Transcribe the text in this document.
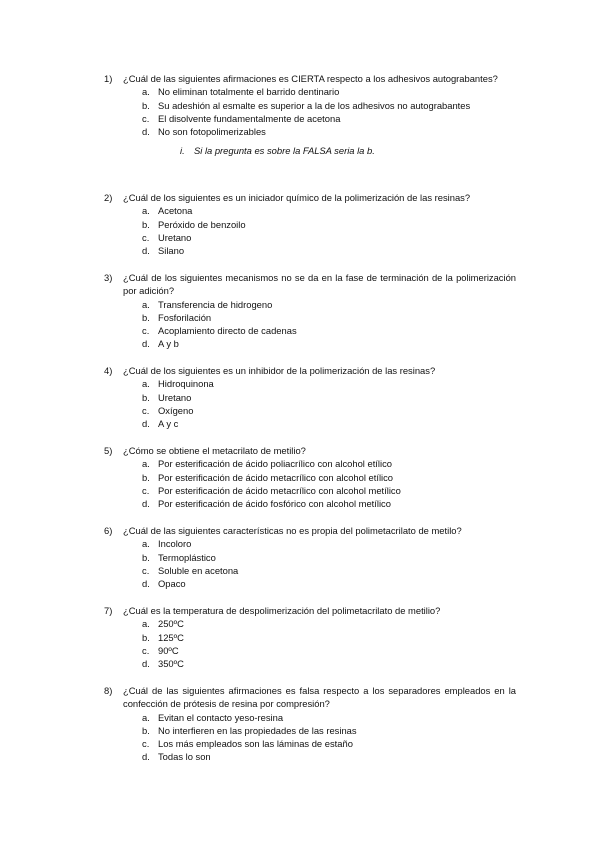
1)	¿Cuál de las siguientes afirmaciones es CIERTA respecto a los adhesivos autograbantes?
a. No eliminan totalmente el barrido dentinario
b. Su adeshión al esmalte es superior a la de los adhesivos no autograbantes
c. El disolvente fundamentalmente de acetona
d. No son fotopolimerizables
i. Si la pregunta es sobre la FALSA seria la b.
2)	¿Cuál de los siguientes es un iniciador químico de la polimerización de las resinas?
a. Acetona
b. Peróxido de benzoilo
c. Uretano
d. Silano
3)	¿Cuál de los siguientes mecanismos no se da en la fase de terminación de la polimerización por adición?
a. Transferencia de hidrogeno
b. Fosforilación
c. Acoplamiento directo de cadenas
d. A y b
4)	¿Cuál de los siguientes es un inhibidor de la polimerización de las resinas?
a. Hidroquinona
b. Uretano
c. Oxígeno
d. A y c
5)	¿Cómo se obtiene el metacrilato de metilio?
a. Por esterificación de ácido poliacrílico con alcohol etílico
b. Por esterificación de ácido metacrílico con alcohol etílico
c. Por esterificación de ácido metacrílico con alcohol metílico
d. Por esterificación de ácido fosfórico con alcohol metílico
6)	¿Cuál de las siguientes características no es propia del polimetacrilato de metilo?
a. Incoloro
b. Termoplástico
c. Soluble en acetona
d. Opaco
7)	¿Cuál es la temperatura de despolimerización del polimetacrilato de metilio?
a. 250ºC
b. 125ºC
c. 90ºC
d. 350ºC
8)	¿Cuál de las siguientes afirmaciones es falsa respecto a los separadores empleados en la confección de prótesis de resina por compresión?
a. Evitan el contacto yeso-resina
b. No interfieren en las propiedades de las resinas
c. Los más empleados son las láminas de estaño
d. Todas lo son
